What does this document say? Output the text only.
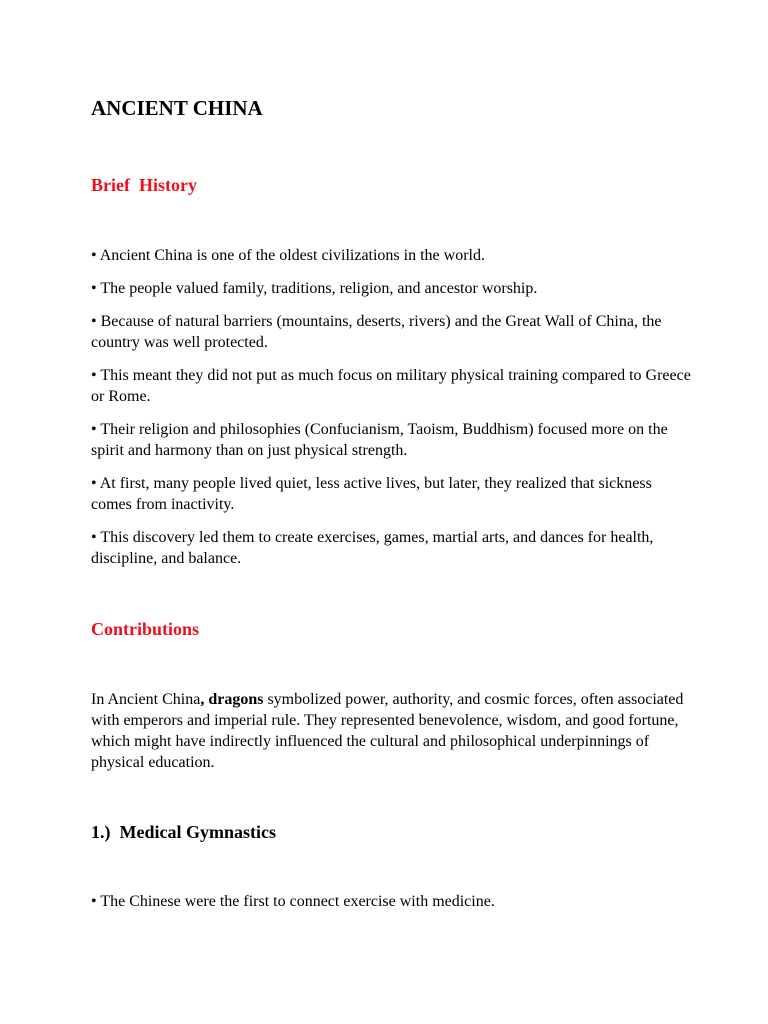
ANCIENT CHINA
Brief  History
• Ancient China is one of the oldest civilizations in the world.
• The people valued family, traditions, religion, and ancestor worship.
• Because of natural barriers (mountains, deserts, rivers) and the Great Wall of China, the country was well protected.
• This meant they did not put as much focus on military physical training compared to Greece or Rome.
• Their religion and philosophies (Confucianism, Taoism, Buddhism) focused more on the spirit and harmony than on just physical strength.
• At first, many people lived quiet, less active lives, but later, they realized that sickness comes from inactivity.
• This discovery led them to create exercises, games, martial arts, and dances for health, discipline, and balance.
Contributions

In Ancient China, dragons symbolized power, authority, and cosmic forces, often associated with emperors and imperial rule. They represented benevolence, wisdom, and good fortune, which might have indirectly influenced the cultural and philosophical underpinnings of physical education.

1.)  Medical Gymnastics
• The Chinese were the first to connect exercise with medicine.
